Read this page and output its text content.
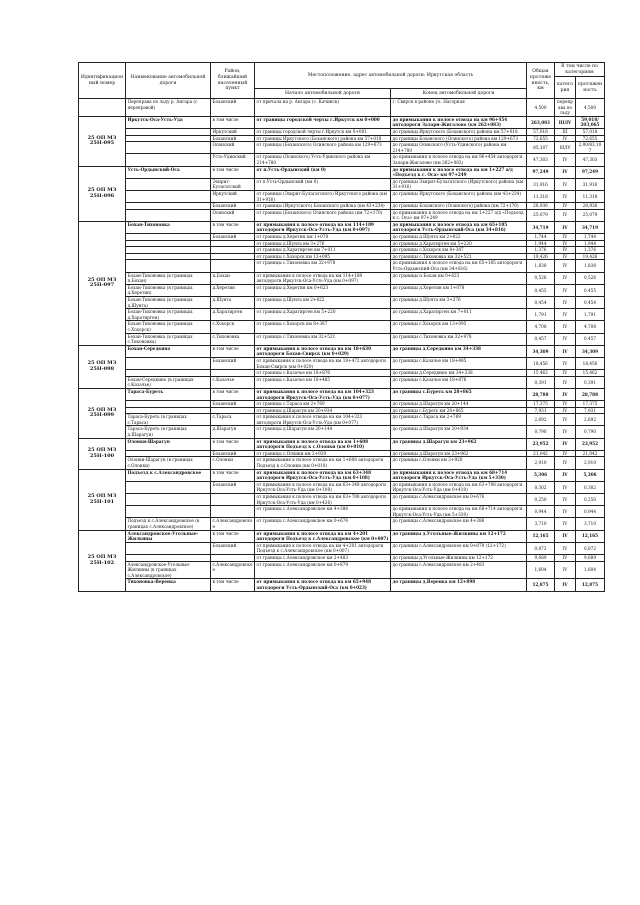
Идентификационный номер	Наименование автомобильной дороги	Район, ближайший населенный пункт	Местоположение, адрес автомобильной дороги: Иркутская область		Общая протяженность, км	В том числе по категориям	
						категория	протяженность
			Начало автомобильной дороги	Конец автомобильной дороги			
	Переправа по льду р. Ангара (с переправой)	Боханский	от причала на р. Ангара (с. Качинск)	г. Свирск в районе ул. Нагорная	4,500	переправа по льду	4,500
25 ОП МЗ 25Н-095	Иркутск-Оса-Усть-Уда	в том числе	от границы городской черты г.Иркутск км 0+000	до примыкания к полосе отвода на км 96+454 автодороги Залари-Жигалово (км 262+083)	263,083	III/IV	59,018/ 203,065
		Иркутский	от границы городской черты г.Иркутск км 0+001	до границы Иркутского (Боханского) района км 57+018	57,018	III	57,018
		Боханский	от границы Иркутского (Боханского) района км 57+018	до границы Боханского (Осинского) района км 129+673	72,655	IV	72,655
		Осинский	от границы (Боханского) Осинского района км 129+673	до границы Осинского (Усть-Удинского) района км 214+780	85,107	III/IV	2,00/83,107
		Усть-Удинский	от границы (Осинского) Усть-Удинского района км 214+780	до примыкания к полосе отвода на км 96+454 автодороги Залари-Жигалово (км 262+083)	47,303	IV	47,303
25 ОП МЗ 25Н-096	Усть-Ордынский-Оса	в том числе	от п.Усть-Ордынский (км 0)	до примыкания к полосе отвода на км 1+227 а/д «Подъезд к с. Оса» км 97+249	97,249	IV	97,249
		Эхирит-Булагатский	от п.Усть-Ордынский (км 0)	до границы Эхирит-Булагатского (Иркутского) района (км 31+916)	31,916	IV	31,916
		Иркутский	от границы (Эхирит-Булагатского) Иркутского района (км 31+916)	до границы Иркутского (Боханского) района (км 43+234)	11,318	IV	11,318
		Боханский	от границы (Иркутского) Боханского района (км 43+234)	до границы Боханского (Осинского) района (км 72+170)	28,936	IV	28,936
		Осинский	от границы (Боханского) Осинского района (км 72+170)	до примыкания к полосе отвода на км 1+227 а/д «Подъезд к с. Оса» км 97+249	25,079	IV	25,079
25 ОП МЗ 25Н-097	Бохан-Тихоновка	в том числе	от примыкания к полосе отвода на км 114+189 автодороги Иркутск-Оса-Усть-Уда (км 0+097)	до примыкания к полосе отвода на км 65+185 автодороги Усть-Ордынский-Оса (км 34+816)	34,719	IV	34,719
		Боханский	от границы д.Херетин км 1+078	до границы д.Шунта км 2+822	1,744	IV	1,744
			от границы д.Шунта км 3+276	до границы д.Харатирген км 5+220	1,944	IV	1,944
			от границы д.Харатирген км 7+011	до границы с.Хохорск км 8+387	1,376	IV	1,376
			от границы с.Хохорск км 13+095	до границы с.Тихоновка км 32+521	19,426	IV	19,426
			от границы с.Тихоновка км 32+978	до примыкания к полосе отвода на км 65+185 автодороги Усть-Ордынский-Оса (км 34+816)	1,838	IV	1,838
	Бохан-Тихоновка (в границах п.Бохан)	п.Бохан	от примыкания к полосе отвода на км 114+189 автодороги Иркутск-Оса-Усть-Уда (км 0+097)	до границы п.Бохан км 0+623	0,526	IV	0,526
	Бохан-Тихоновка (в границах д.Херетин)	д.Херетин	от границы д.Херетин км 0+623	до границы д.Херетин км 1+078	0,455	IV	0,455
	Бохан-Тихоновка (в границах д.Шунта)	д.Шунта	от границы д.Шунта км 2+822	до границы д.Шунта км 3+276	0,454	IV	0,454
	Бохан-Тихоновка (в границах д.Харатирген)	д.Харатирген	от границы д.Харатирген км 5+220	до границы д.Харатирген км 7+011	1,791	IV	1,791
	Бохан-Тихоновка (в границах с.Хохорск)	с.Хохорск	от границы с.Хохорск км 8+387	до границы с.Хохорск км 13+095	4,708	IV	4,708
	Бохан-Тихоновка (в границах с.Тихоновка)	с.Тихоновка	от границы с.Тихоновка км 32+521	до границы с.Тихоновка км 32+978	0,457	IV	0,457
25 ОП МЗ 25Н-098	Бохан-Середкино	в том числе	от примыкания к полосе отвода на км 18+630 автодороги Бохан-Свирск (км 0+029)	до границы д.Середкино км 34+338	34,309	IV	34,309
		Боханский	от примыкания к полосе отвода на км 18+472 автодороги Бохан-Свирск (км 0+029)	до границы с.Казачье км 18+485	18,456	IV	18,456
			от границы с.Казачье км 18+876	до границы д.Середкино км 34+338	15,462	IV	15,462
	Бохан-Середкино (в границах с.Казачье)	с.Казачье	от границы с.Казачье км 18+485	до границы с.Казачье км 18+876	0,391	IV	0,391
25 ОП МЗ 25Н-099	Тараса-Буреть	в том числе	от примыкания к полосе отвода на км 104+323 автодороги Иркутск-Оса-Усть-Уда (км 0+077)	до границы с.Буреть км 28+865	28,788	IV	28,788
		Боханский	от границы с.Тараса км 2+769	до границы д.Шарагун км 20+144	17,375	IV	17,375
			от границы д.Шарагун км 20+934	до границы с.Буреть км 28+865	7,931	IV	7,931
	Тараса-Буреть (в границах с.Тараса)	с.Тараса	от примыкания к полосе отвода на км 104+323 автодороги Иркутск-Оса-Усть-Уда (км 0+077)	до границы с.Тараса км 2+769	2,692	IV	2,692
	Тараса-Буреть (в границах д.Шарагун)	д.Шарагун	от границы д.Шарагун км 20+144	до границы д.Шарагун км 20+934	0,790	IV	0,790
25 ОП МЗ 25Н-100	Олонки-Шарагун	в том числе	от примыкания к полосе отвода на км 1+608 автодороги Подъезд к с.Олонки (км 0+010)	до границы д.Шарагун км 23+962	23,952	IV	23,952
		Боханский	от границы с.Олонки км 2+920	до границы д.Шарагун км 23+962	21,042	IV	21,042
	Олонки-Шарагун (в границах с.Олонки)	с.Олонки	от примыкания к полосе отвода на км 1+608 автодороги Подъезд к с.Олонки (км 0+010)	до границы с.Олонки км 2+920	2,910	IV	2,910
25 ОП МЗ 25Н-101	Подъезд к с.Александровское	в том числе	от примыкания к полосе отвода на км 63+348 автодороги Иркутск-Оса-Усть-Уда (км 0+108)	до примыкания к полосе отвода на км 68+714 автодороги Иркутск-Оса-Усть-Уда (км 5+330)	5,306	IV	5,306
		Боханский	от примыкания к полосе отвода на км 63+348 автодороги Иркутск-Оса-Усть-Уда (км 0+108)	до примыкания к полосе отвода на км 63+788 автодороги Иркутск-Оса-Усть-Уда (км 0+410)	0,302	IV	0,302
			от примыкания к полосе отвода на км 63+788 автодороги Иркутск-Оса-Усть-Уда (км 0+426)	до границы с.Александровское км 0+676	0,250	IV	0,250
			от границы с.Александровское км 4+386	до примыкания к полосе отвода на км 68+714 автодороги Иркутск-Оса-Усть-Уда (км 5+330)	0,944	IV	0,944
	Подъезд к с.Александровское (в границах с.Александровское)	с.Александровское	от границы с.Александровское км 0+676	до границы с.Александровское км 4+386	3,710	IV	3,710
25 ОП МЗ 25Н-102	Александровское-Угольные-Жилкины	в том числе	от примыкания к полосе отвода на км 4+201 автодороги Подъезд к с.Александровское (км 0+007)	до границы д.Угольные-Жилкины км 12+172	12,165	IV	12,165
		Боханский	от примыкания к полосе отвода на км 4+201 автодороги Подъезд к с.Александровское (км 0+007)	до границы с.Александровское км 0+879 (12+172)	0,872	IV	0,872
			от границы с.Александровское км 2+483	до границы д.Угольные-Жилкины км 12+172	9,689	IV	9,689
	Александровское-Угольные-Жилкины (в границах с.Александровское)	с.Александровское	от границы с.Александровское км 0+879	до границы с.Александровское км 2+483	1,604	IV	1,604
	Тихоновка-Веренка	в том числе	от примыкания к полосе отвода на км 65+948 автодороги Усть-Ордынский-Оса (км 0+023)	до границы д.Веренка км 12+898	12,875	IV	12,875
